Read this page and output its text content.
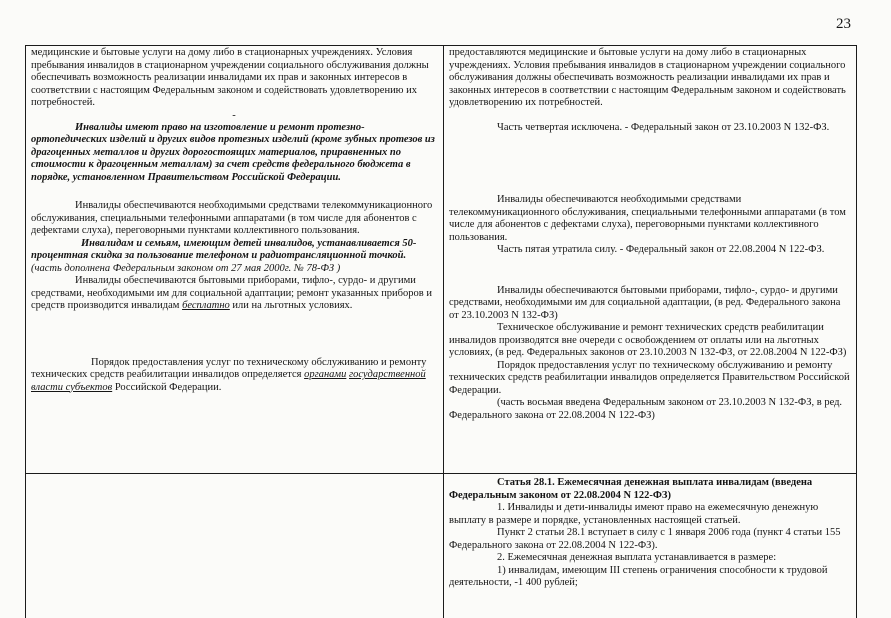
23

медицинские и бытовые услуги на дому либо в стационарных учреждениях. Условия пребывания инвалидов в стационарном учреждении социального обслуживания должны обеспечивать возможность реализации инвалидами их прав и законных интересов в соответствии с настоящим Федеральным законом и содействовать удовлетворению их потребностей.

-

Инвалиды имеют право на изготовление и ремонт протезно-ортопедических изделий и других видов протезных изделий (кроме зубных протезов из драгоценных металлов и других дорогостоящих материалов, приравненных по стоимости к драгоценным металлам) за счет средств федерального бюджета в порядке, установленном Правительством Российской Федерации.

Инвалиды обеспечиваются необходимыми средствами телекоммуникационного обслуживания, специальными телефонными аппаратами (в том числе для абонентов с дефектами слуха), переговорными пунктами коллективного пользования.

Инвалидам и семьям, имеющим детей инвалидов, устанавливается 50-процентная скидка за пользование телефоном и радиотрансляционной точкой.

(часть дополнена Федеральным законом от 27 мая 2000г. № 78-ФЗ )

Инвалиды обеспечиваются бытовыми приборами, тифло-, сурдо- и другими средствами, необходимыми им для социальной адаптации; ремонт указанных приборов и средств производится инвалидам бесплатно или на льготных условиях.

Порядок предоставления услуг по техническому обслуживанию и ремонту

технических средств реабилитации инвалидов определяется органами государственной власти субъектов Российской Федерации.

предоставляются медицинские и бытовые услуги на дому либо в стационарных учреждениях. Условия пребывания инвалидов в стационарном учреждении социального обслуживания должны обеспечивать возможность реализации инвалидами их прав и законных интересов в соответствии с настоящим Федеральным законом и содействовать удовлетворению их потребностей.

Часть четвертая исключена. - Федеральный закон от 23.10.2003 N 132-ФЗ.

Инвалиды обеспечиваются необходимыми средствами телекоммуникационного обслуживания, специальными телефонными аппаратами (в том числе для абонентов с дефектами слуха), переговорными пунктами коллективного пользования.

Часть пятая утратила силу. - Федеральный закон от 22.08.2004 N 122-ФЗ.

Инвалиды обеспечиваются бытовыми приборами, тифло-, сурдо- и другими средствами, необходимыми им для социальной адаптации, (в ред. Федерального закона от 23.10.2003 N 132-ФЗ)

Техническое обслуживание и ремонт технических средств реабилитации инвалидов производятся вне очереди с освобождением от оплаты или на льготных условиях, (в ред. Федеральных законов от 23.10.2003 N 132-ФЗ, от 22.08.2004 N 122-ФЗ)

Порядок предоставления услуг по техническому обслуживанию и ремонту технических средств реабилитации инвалидов определяется Правительством Российской Федерации.

(часть восьмая введена Федеральным законом от 23.10.2003 N 132-ФЗ, в ред. Федерального закона от 22.08.2004 N 122-ФЗ)

Статья 28.1. Ежемесячная денежная выплата инвалидам (введена Федеральным законом от 22.08.2004 N 122-ФЗ)

1. Инвалиды и дети-инвалиды имеют право на ежемесячную денежную выплату в размере и порядке, установленных настоящей статьей.

Пункт 2 статьи 28.1 вступает в силу с 1 января 2006 года (пункт 4 статьи 155 Федерального закона от 22.08.2004 N 122-ФЗ).

2. Ежемесячная денежная выплата устанавливается в размере:

1) инвалидам, имеющим III степень ограничения способности к трудовой деятельности, -1 400 рублей;
